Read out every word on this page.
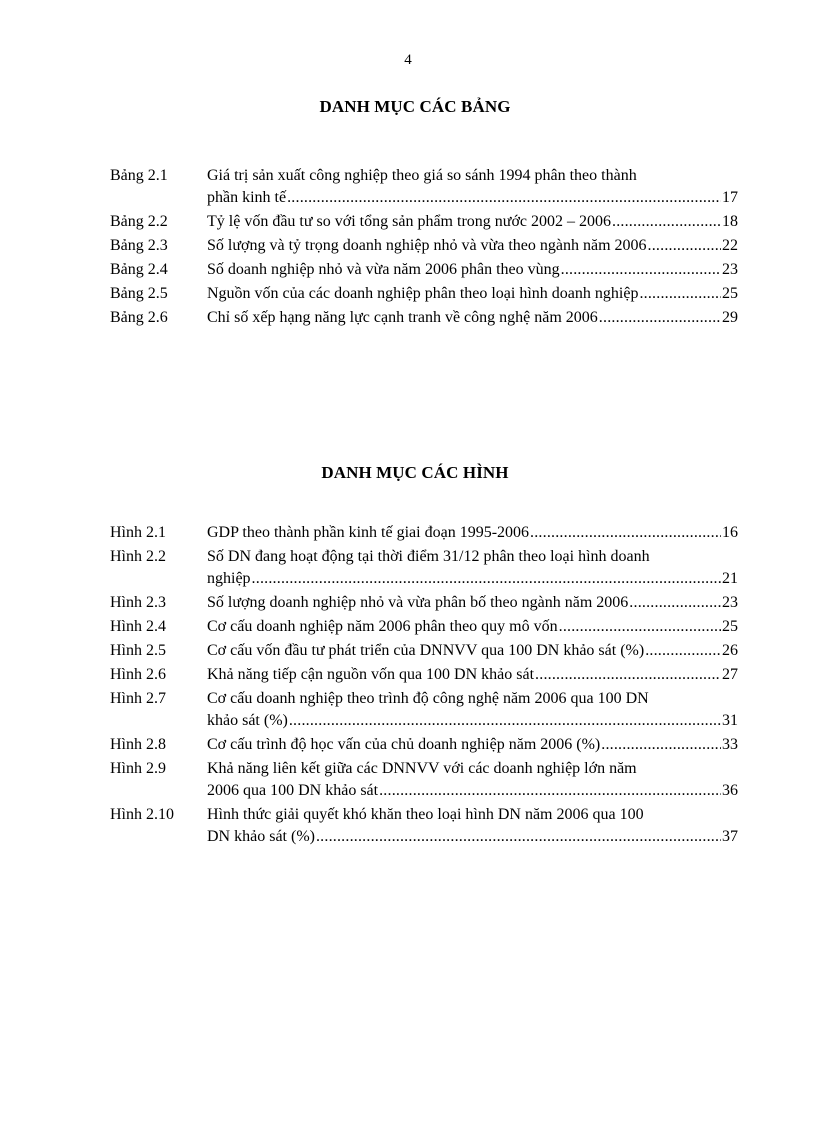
4
DANH MỤC CÁC BẢNG
Bảng 2.1	Giá trị sản xuất công nghiệp theo giá so sánh 1994 phân theo thành
phần kinh tế .....	17
Bảng 2.2	Tỷ lệ vốn đầu tư so với tổng sản phẩm trong nước 2002 – 2006 .....	18
Bảng 2.3	Số lượng và tỷ trọng doanh nghiệp nhỏ và vừa theo ngành năm 2006 .....	22
Bảng 2.4	Số doanh nghiệp nhỏ và vừa năm 2006 phân theo vùng .....	23
Bảng 2.5	Nguồn vốn của các doanh nghiệp phân theo loại hình doanh nghiệp .....	25
Bảng 2.6	Chỉ số xếp hạng năng lực cạnh tranh về công nghệ năm 2006 .....	29
DANH MỤC CÁC HÌNH
Hình 2.1	GDP theo thành phần kinh tế giai đoạn 1995-2006 .....	16
Hình 2.2	Số DN đang hoạt động tại thời điểm 31/12 phân theo loại hình doanh
nghiệp .....	21
Hình 2.3	Số lượng doanh nghiệp nhỏ và vừa phân bố theo ngành năm 2006 .....	23
Hình 2.4	Cơ cấu doanh nghiệp năm 2006 phân theo quy mô vốn .....	25
Hình 2.5	Cơ cấu vốn đầu tư phát triển của DNNVV qua 100 DN khảo sát (%) .....	26
Hình 2.6	Khả năng tiếp cận nguồn vốn qua 100 DN khảo sát .....	27
Hình 2.7	Cơ cấu doanh nghiệp theo trình độ công nghệ năm 2006 qua 100 DN
khảo sát (%) .....	31
Hình 2.8	Cơ cấu trình độ học vấn của chủ doanh nghiệp năm 2006 (%) .....	33
Hình 2.9	Khả năng liên kết giữa các DNNVV với các doanh nghiệp lớn năm
2006 qua 100 DN khảo sát .....	36
Hình 2.10	Hình thức giải quyết khó khăn theo loại hình DN năm 2006 qua 100
DN khảo sát (%) .....	37
